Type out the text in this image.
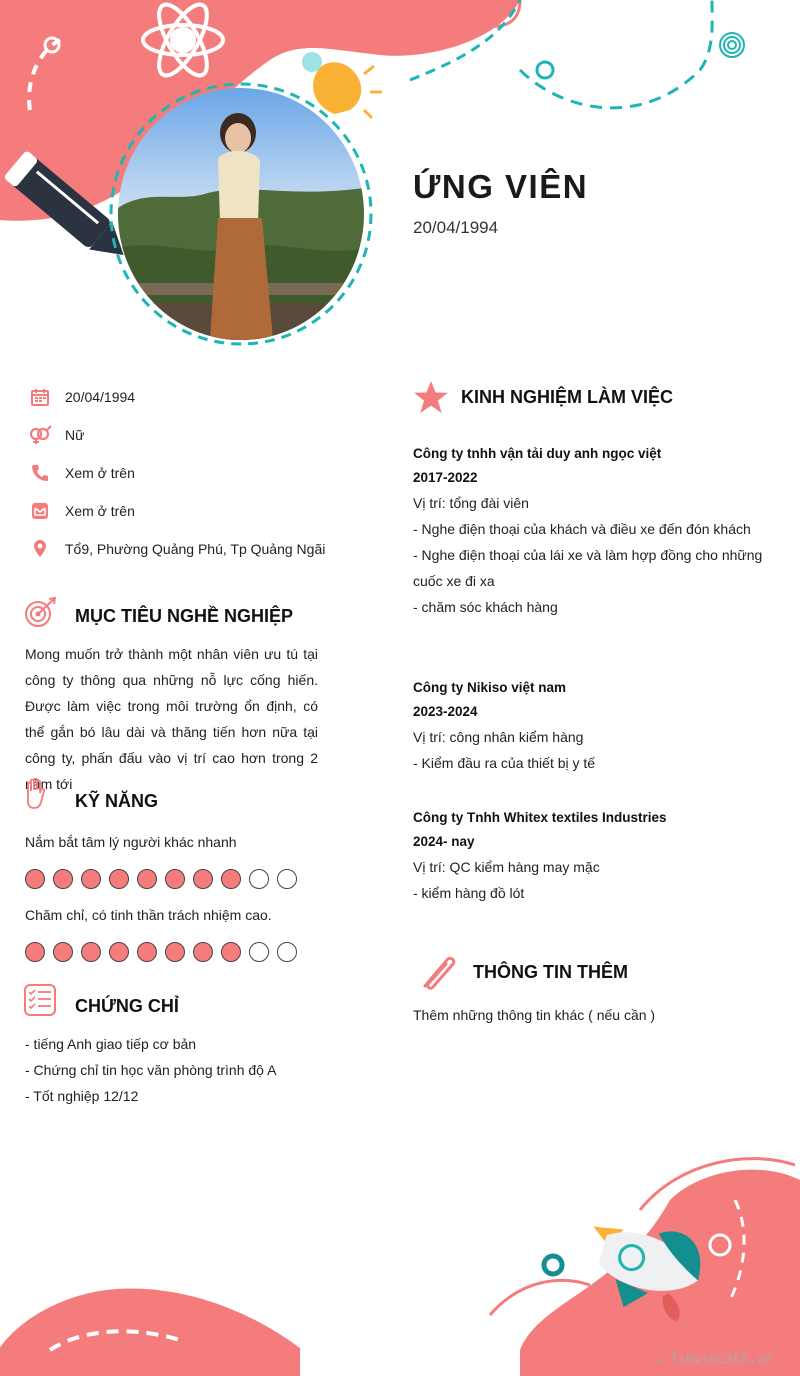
ỨNG VIÊN
20/04/1994
20/04/1994
Nữ
Xem ở trên
Xem ở trên
Tổ9, Phường Quảng Phú, Tp Quảng Ngãi
MỤC TIÊU NGHỀ NGHIỆP
Mong muốn trở thành một nhân viên ưu tú tại công ty thông qua những nỗ lực cống hiến. Được làm việc trong môi trường ổn định, có thể gắn bó lâu dài và thăng tiến hơn nữa tại công ty, phấn đấu vào vị trí cao hơn trong 2 năm tới
KỸ NĂNG
Nắm bắt tâm lý người khác nhanh
Chăm chỉ, có tinh thần trách nhiệm cao.
CHỨNG CHỈ
- tiếng Anh giao tiếp cơ bản
- Chứng chỉ tin học văn phòng trình độ A
- Tốt nghiệp 12/12
KINH NGHIỆM LÀM VIỆC
Công ty tnhh vận tải duy anh ngọc việt
2017-2022
Vị trí: tổng đài viên
- Nghe điện thoại của khách và điều xe đến đón khách
- Nghe điện thoại của lái xe và làm hợp đồng cho những cuốc xe đi xa
- chăm sóc khách hàng
Công ty Nikiso việt nam
2023-2024
Vị trí: công nhân kiểm hàng
- Kiểm đầu ra của thiết bị y tế
Công ty Tnhh Whitex textiles Industries
2024- nay
Vị trí: QC kiểm hàng may mặc
- kiểm hàng đồ lót
THÔNG TIN THÊM
Thêm những thông tin khác ( nếu cần )
∴ Timviec365.vn
